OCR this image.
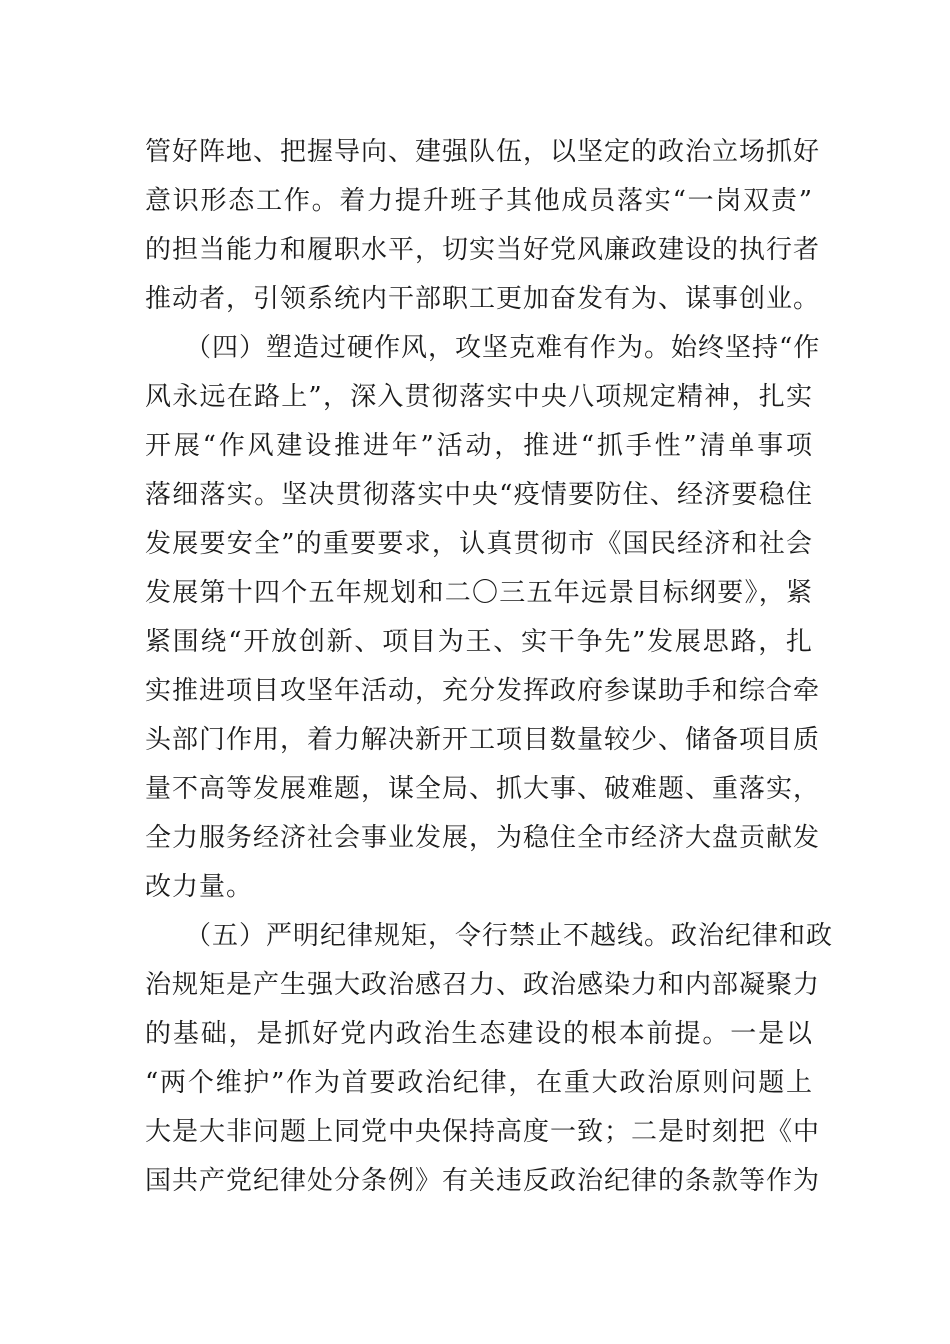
管好阵地、把握导向、建强队伍，以坚定的政治立场抓好
意识形态工作。着力提升班子其他成员落实“一岗双责”
的担当能力和履职水平，切实当好党风廉政建设的执行者
推动者，引领系统内干部职工更加奋发有为、谋事创业。
（四）塑造过硬作风，攻坚克难有作为。始终坚持“作
风永远在路上”，深入贯彻落实中央八项规定精神，扎实
开展“作风建设推进年”活动，推进“抓手性”清单事项
落细落实。坚决贯彻落实中央“疫情要防住、经济要稳住
发展要安全”的重要要求，认真贯彻市《国民经济和社会
发展第十四个五年规划和二〇三五年远景目标纲要》，紧
紧围绕“开放创新、项目为王、实干争先”发展思路，扎
实推进项目攻坚年活动，充分发挥政府参谋助手和综合牵
头部门作用，着力解决新开工项目数量较少、储备项目质
量不高等发展难题，谋全局、抓大事、破难题、重落实，
全力服务经济社会事业发展，为稳住全市经济大盘贡献发
改力量。
（五）严明纪律规矩，令行禁止不越线。政治纪律和政
治规矩是产生强大政治感召力、政治感染力和内部凝聚力
的基础，是抓好党内政治生态建设的根本前提。一是以
“两个维护”作为首要政治纪律，在重大政治原则问题上
大是大非问题上同党中央保持高度一致；二是时刻把《中
国共产党纪律处分条例》有关违反政治纪律的条款等作为
